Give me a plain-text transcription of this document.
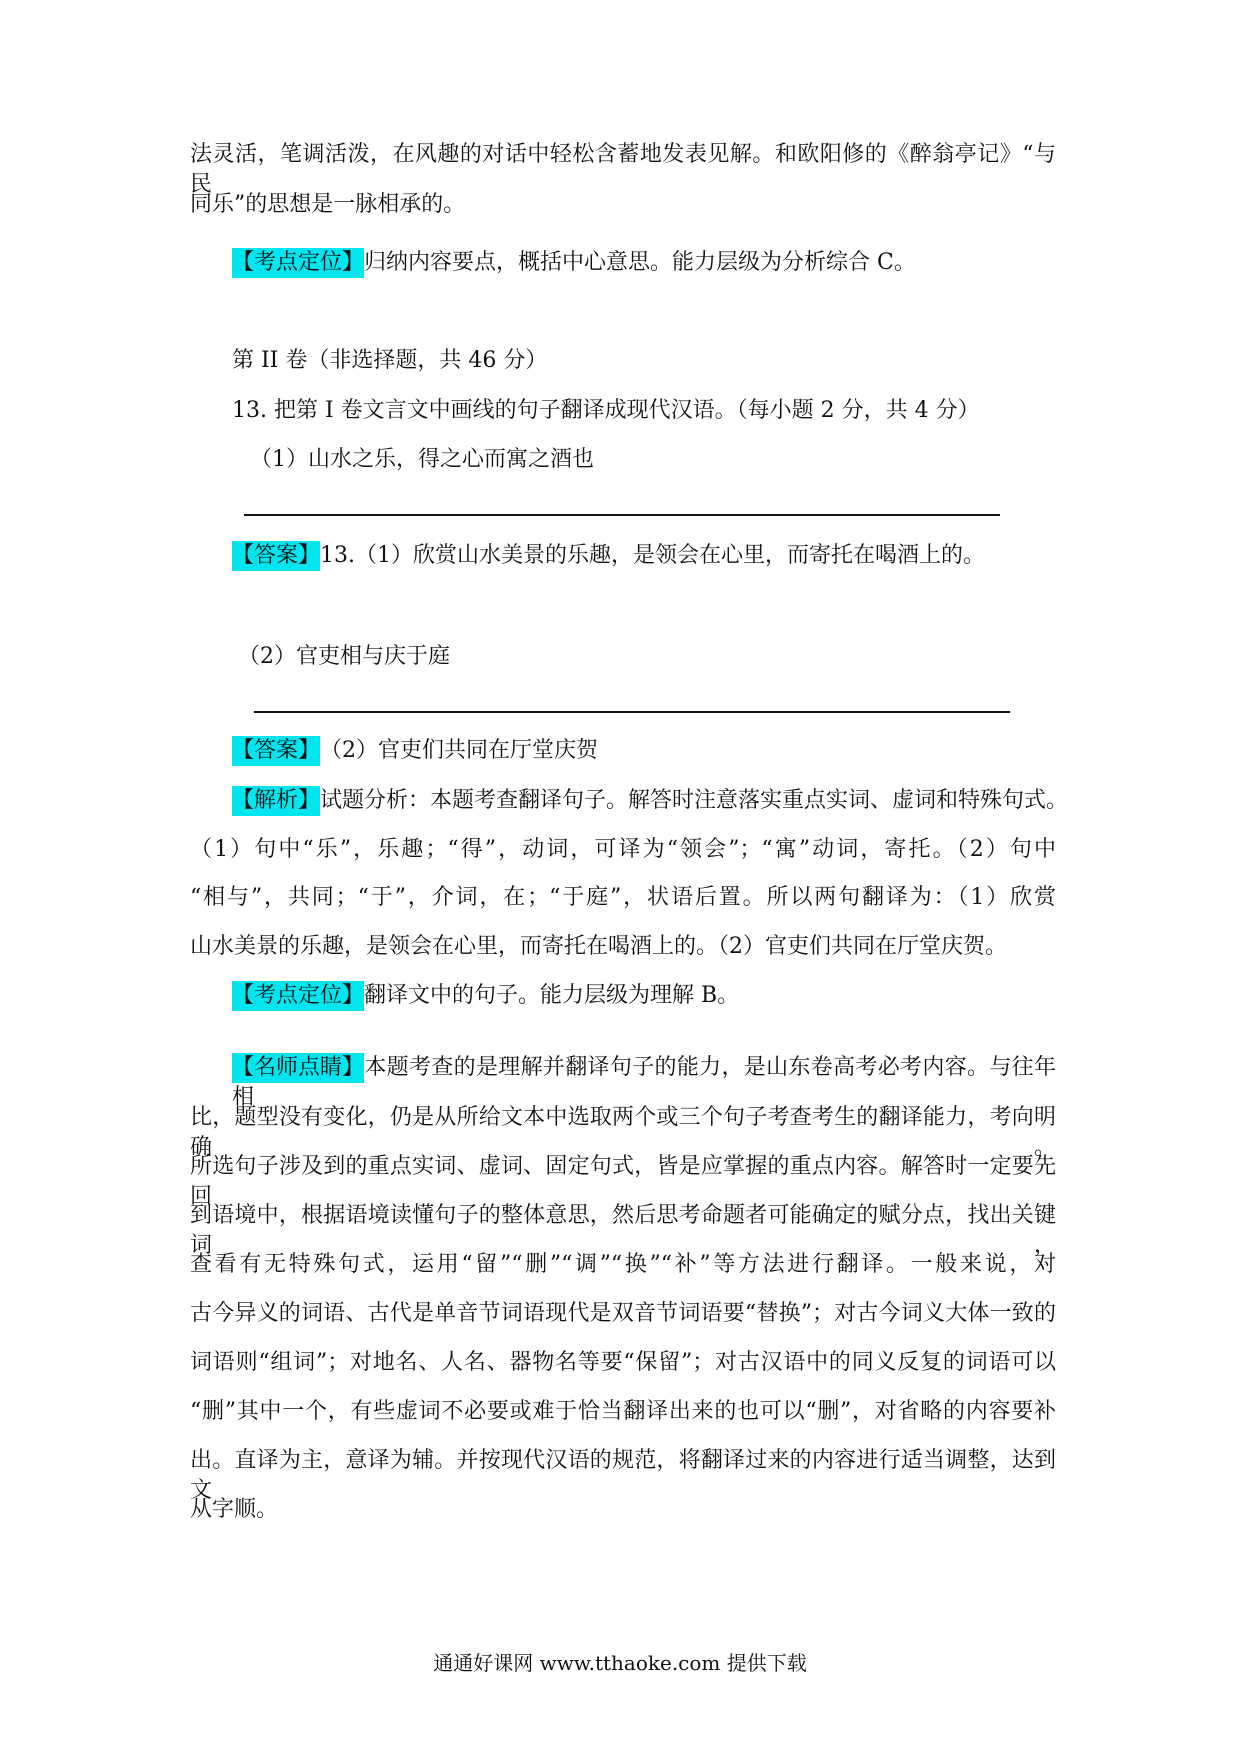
法灵活，笔调活泼，在风趣的对话中轻松含蓄地发表见解。和欧阳修的《醉翁亭记》“与民
同乐”的思想是一脉相承的。
【考点定位】归纳内容要点，概括中心意思。能力层级为分析综合 C。
第 II 卷（非选择题，共 46 分）
13. 把第 I 卷文言文中画线的句子翻译成现代汉语。（每小题 2 分，共 4 分）
（1）山水之乐，得之心而寓之酒也
【答案】13.（1）欣赏山水美景的乐趣，是领会在心里，而寄托在喝酒上的。
（2）官吏相与庆于庭
【答案】（2）官吏们共同在厅堂庆贺
【解析】试题分析：本题考查翻译句子。解答时注意落实重点实词、虚词和特殊句式。
（1）句中“乐”，乐趣；“得”，动词，可译为“领会”；“寓”动词，寄托。（2）句中
“相与”，共同；“于”，介词，在；“于庭”，状语后置。所以两句翻译为：（1）欣赏
山水美景的乐趣，是领会在心里，而寄托在喝酒上的。（2）官吏们共同在厅堂庆贺。
【考点定位】翻译文中的句子。能力层级为理解 B。
【名师点睛】本题考查的是理解并翻译句子的能力，是山东卷高考必考内容。与往年相
比，题型没有变化，仍是从所给文本中选取两个或三个句子考查考生的翻译能力，考向明确。
所选句子涉及到的重点实词、虚词、固定句式，皆是应掌握的重点内容。解答时一定要先回
到语境中，根据语境读懂句子的整体意思，然后思考命题者可能确定的赋分点，找出关键词，
查看有无特殊句式，运用“留”“删”“调”“换”“补”等方法进行翻译。一般来说，对
古今异义的词语、古代是单音节词语现代是双音节词语要“替换”；对古今词义大体一致的
词语则“组词”；对地名、人名、器物名等要“保留”；对古汉语中的同义反复的词语可以
“删”其中一个，有些虚词不必要或难于恰当翻译出来的也可以“删”，对省略的内容要补
出。直译为主，意译为辅。并按现代汉语的规范，将翻译过来的内容进行适当调整，达到文
从字顺。
通通好课网 www.tthaoke.com 提供下载
